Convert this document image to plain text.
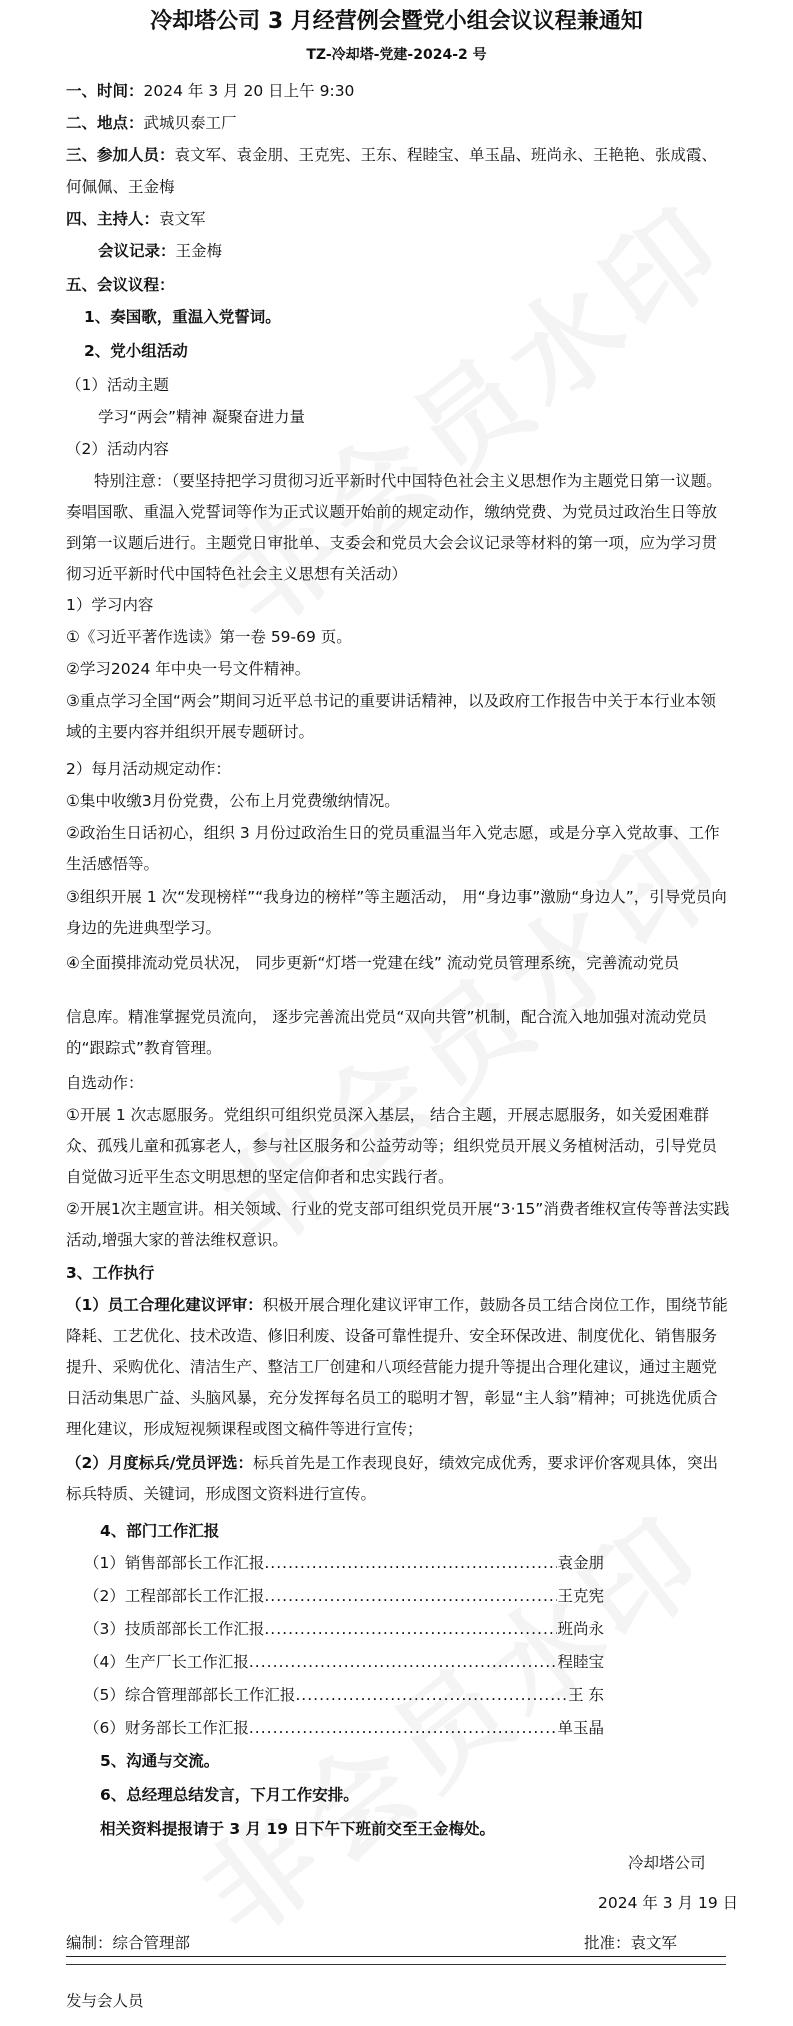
冷却塔公司 3 月经营例会暨党小组会议议程兼通知
TZ-冷却塔-党建-2024-2 号
一、时间：2024 年 3 月 20 日上午 9:30
二、地点：武城贝泰工厂
三、参加人员：袁文军、袁金朋、王克宪、王东、程睦宝、单玉晶、班尚永、王艳艳、张成霞、
何佩佩、王金梅
四、主持人：袁文军
会议记录：王金梅
五、会议议程：
1、奏国歌，重温入党誓词。
2、党小组活动
（1）活动主题
学习“两会”精神 凝聚奋进力量
（2）活动内容
特别注意：（要坚持把学习贯彻习近平新时代中国特色社会主义思想作为主题党日第一议题。奏唱国歌、重温入党誓词等作为正式议题开始前的规定动作，缴纳党费、为党员过政治生日等放到第一议题后进行。主题党日审批单、支委会和党员大会会议记录等材料的第一项，应为学习贯彻习近平新时代中国特色社会主义思想有关活动）
1）学习内容
①《习近平著作选读》第一卷 59-69 页。
②学习2024 年中央一号文件精神。
③重点学习全国“两会”期间习近平总书记的重要讲话精神，以及政府工作报告中关于本行业本领域的主要内容并组织开展专题研讨。
2）每月活动规定动作：
①集中收缴3月份党费，公布上月党费缴纳情况。
②政治生日话初心，组织 3 月份过政治生日的党员重温当年入党志愿，或是分享入党故事、工作生活感悟等。
③组织开展 1 次“发现榜样”“我身边的榜样”等主题活动， 用“身边事”激励“身边人”，引导党员向身边的先进典型学习。
④全面摸排流动党员状况， 同步更新“灯塔一党建在线” 流动党员管理系统，完善流动党员
信息库。精准掌握党员流向， 逐步完善流出党员“双向共管”机制，配合流入地加强对流动党员的“跟踪式”教育管理。
自选动作：
①开展 1 次志愿服务。党组织可组织党员深入基层， 结合主题，开展志愿服务，如关爱困难群众、孤残儿童和孤寡老人，参与社区服务和公益劳动等；组织党员开展义务植树活动，引导党员自觉做习近平生态文明思想的坚定信仰者和忠实践行者。
②开展1次主题宣讲。相关领域、行业的党支部可组织党员开展“3·15”消费者维权宣传等普法实践活动,增强大家的普法维权意识。
3、工作执行
（1）员工合理化建议评审：积极开展合理化建议评审工作，鼓励各员工结合岗位工作，围绕节能降耗、工艺优化、技术改造、修旧利废、设备可靠性提升、安全环保改进、制度优化、销售服务提升、采购优化、清洁生产、整洁工厂创建和八项经营能力提升等提出合理化建议，通过主题党日活动集思广益、头脑风暴，充分发挥每名员工的聪明才智，彰显“主人翁”精神；可挑选优质合理化建议，形成短视频课程或图文稿件等进行宣传；
（2）月度标兵/党员评选：标兵首先是工作表现良好，绩效完成优秀，要求评价客观具体，突出标兵特质、关键词，形成图文资料进行宣传。
4、部门工作汇报
（1）销售部部长工作汇报 .....	袁金朋
（2）工程部部长工作汇报 .....	王克宪
（3）技质部部长工作汇报 .....	班尚永
（4）生产厂长工作汇报 .....	程睦宝
（5）综合管理部部长工作汇报 .....	王 东
（6）财务部长工作汇报 .....	单玉晶
5、沟通与交流。
6、总经理总结发言，下月工作安排。
相关资料提报请于 3 月 19 日下午下班前交至王金梅处。
冷却塔公司
2024 年 3 月 19 日
编制：综合管理部	批准：袁文军
发与会人员
